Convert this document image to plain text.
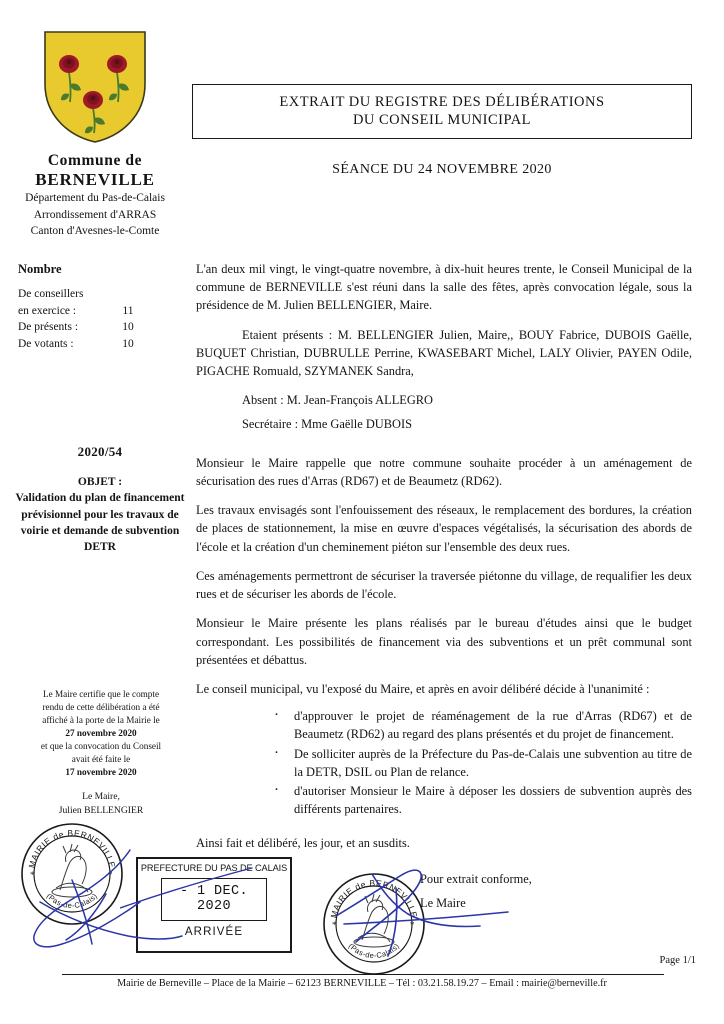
Commune de
BERNEVILLE
Département du Pas-de-Calais
Arrondissement d'ARRAS
Canton d'Avesnes-le-Comte
Nombre
De conseillers
en exercice :	11
De présents :	10
De votants :	10
2020/54
OBJET :
Validation du plan de financement prévisionnel pour les travaux de voirie et demande de subvention DETR
Le Maire certifie que le compte
rendu de cette délibération a été
affiché à la porte de la Mairie le
27 novembre 2020
et que la convocation du Conseil
avait été faite le
17 novembre 2020
Le Maire,
Julien BELLENGIER
EXTRAIT DU REGISTRE DES DÉLIBÉRATIONS
DU CONSEIL MUNICIPAL
SÉANCE DU 24 NOVEMBRE 2020

L'an deux mil vingt, le vingt-quatre novembre, à dix-huit heures trente, le Conseil Municipal de la commune de BERNEVILLE s'est réuni dans la salle des fêtes, après convocation légale, sous la présidence de M. Julien BELLENGIER, Maire.

Etaient présents : M. BELLENGIER Julien, Maire,, BOUY Fabrice, DUBOIS Gaëlle, BUQUET Christian, DUBRULLE Perrine, KWASEBART Michel, LALY Olivier, PAYEN Odile, PIGACHE Romuald, SZYMANEK Sandra,

Absent : M. Jean-François ALLEGRO

Secrétaire : Mme Gaëlle DUBOIS

Monsieur le Maire rappelle que notre commune souhaite procéder à un aménagement de sécurisation des rues d'Arras (RD67) et de Beaumetz (RD62).

Les travaux envisagés sont l'enfouissement des réseaux, le remplacement des bordures, la création de places de stationnement, la mise en œuvre d'espaces végétalisés, la sécurisation des abords de l'école et la création d'un cheminement piéton sur l'ensemble des deux rues.

Ces aménagements permettront de sécuriser la traversée piétonne du village, de requalifier les deux rues et de sécuriser les abords de l'école.

Monsieur le Maire présente les plans réalisés par le bureau d'études ainsi que le budget correspondant. Les possibilités de financement via des subventions et un prêt communal sont présentées et débattus.

Le conseil municipal, vu l'exposé du Maire, et après en avoir délibéré décide à l'unanimité :

· d'approuver le projet de réaménagement de la rue d'Arras (RD67) et de Beaumetz (RD62) au regard des plans présentés et du projet de financement.
· De solliciter auprès de la Préfecture du Pas-de-Calais une subvention au titre de la DETR, DSIL ou Plan de relance.
· d'autoriser Monsieur le Maire à déposer les dossiers de subvention auprès des différents partenaires.
Ainsi fait et délibéré, les jour, et an susdits.
Pour extrait conforme,
Le Maire
PREFECTURE DU PAS DE CALAIS
- 1 DEC. 2020
ARRIVÉE
MAIRIE de BERNEVILLE
(Pas-de-Calais)
*	*
MAIRIE de BERNEVILLE
(Pas-de-Calais)
*	*
Page 1/1
Mairie de Berneville – Place de la Mairie – 62123 BERNEVILLE – Tél : 03.21.58.19.27 – Email : mairie@berneville.fr
